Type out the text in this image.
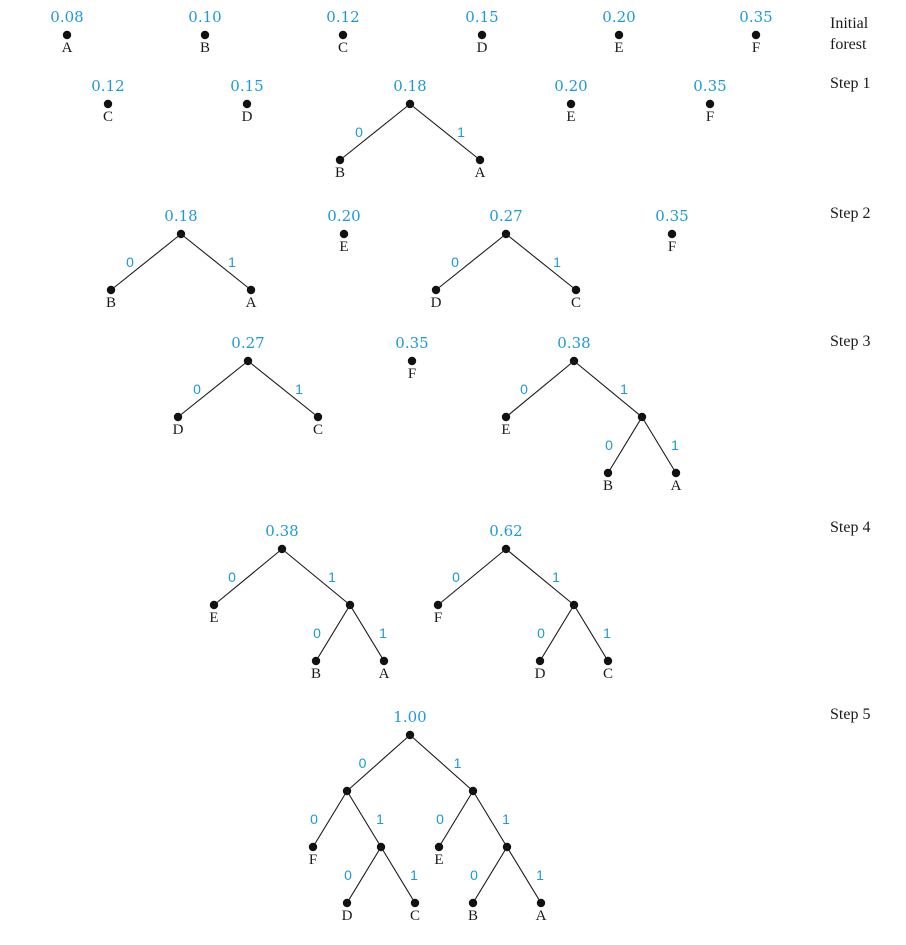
Initial forest
0.08
A
0.10
B
0.12
C
0.15
D
0.20
E
0.35
F
Step 1
0.12
C
0.15
D
0.18
0	1
B	A
0.20
E
0.35
F
Step 2
0.18
0	1
B	A
0.20
E
0.27
0	1
D	C
0.35
F
Step 3
0.27
0	1
D	C
0.35
F
0.38
0	1
E
0	1
B	A
Step 4
0.38
0	1
E
0	1
B	A
0.62
0	1
F
0	1
D	C
Step 5
1.00
0	1
0	1
F
0	1
D	C
0	1
E
0	1
B	A
